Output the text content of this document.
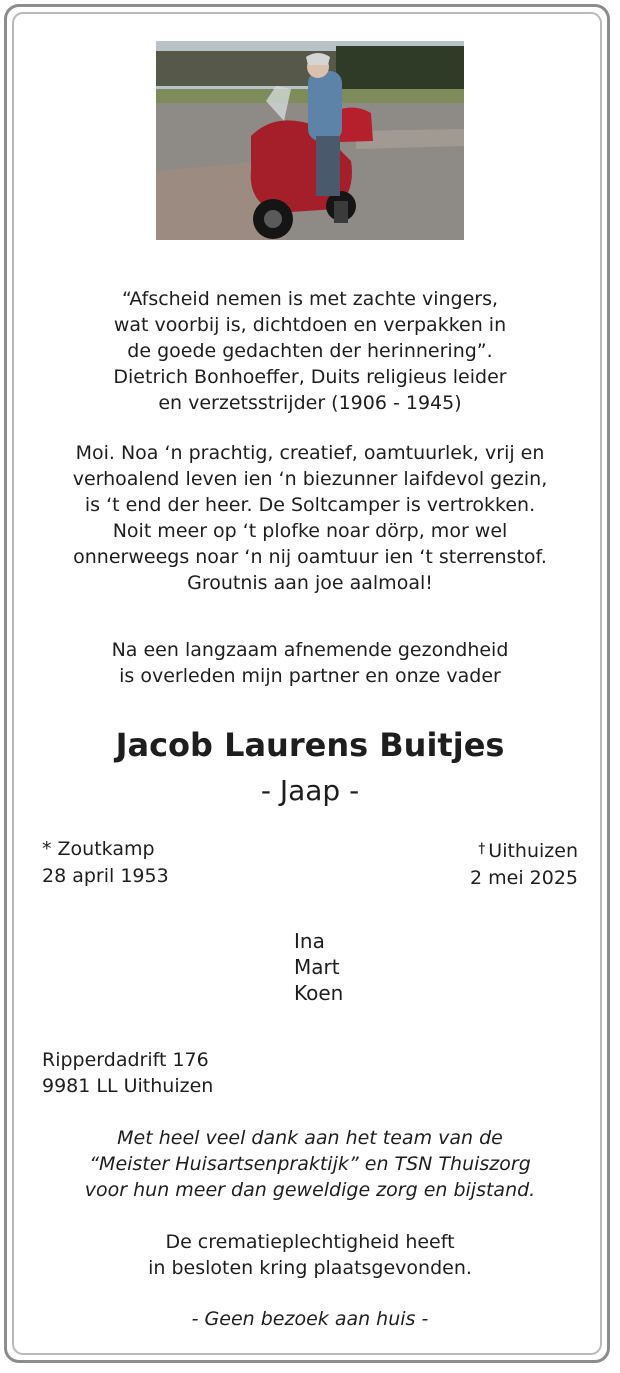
“Afscheid nemen is met zachte vingers,
wat voorbij is, dichtdoen en verpakken in
de goede gedachten der herinnering”.
Dietrich Bonhoeffer, Duits religieus leider
en verzetsstrijder (1906 - 1945)
Moi. Noa ‘n prachtig, creatief, oamtuurlek, vrij en
verhoalend leven ien ‘n biezunner laifdevol gezin,
is ‘t end der heer. De Soltcamper is vertrokken.
Noit meer op ‘t plofke noar dörp, mor wel
onnerweegs noar ‘n nij oamtuur ien ‘t sterrenstof.
Groutnis aan joe aalmoal!
Na een langzaam afnemende gezondheid
is overleden mijn partner en onze vader
Jacob Laurens Buitjes
- Jaap -
* Zoutkamp
28 april 1953
† Uithuizen
2 mei 2025
Ina
Mart
Koen
Ripperdadrift 176
9981 LL Uithuizen
Met heel veel dank aan het team van de
“Meister Huisartsenpraktijk” en TSN Thuiszorg
voor hun meer dan geweldige zorg en bijstand.
De crematieplechtigheid heeft
in besloten kring plaatsgevonden.
- Geen bezoek aan huis -
